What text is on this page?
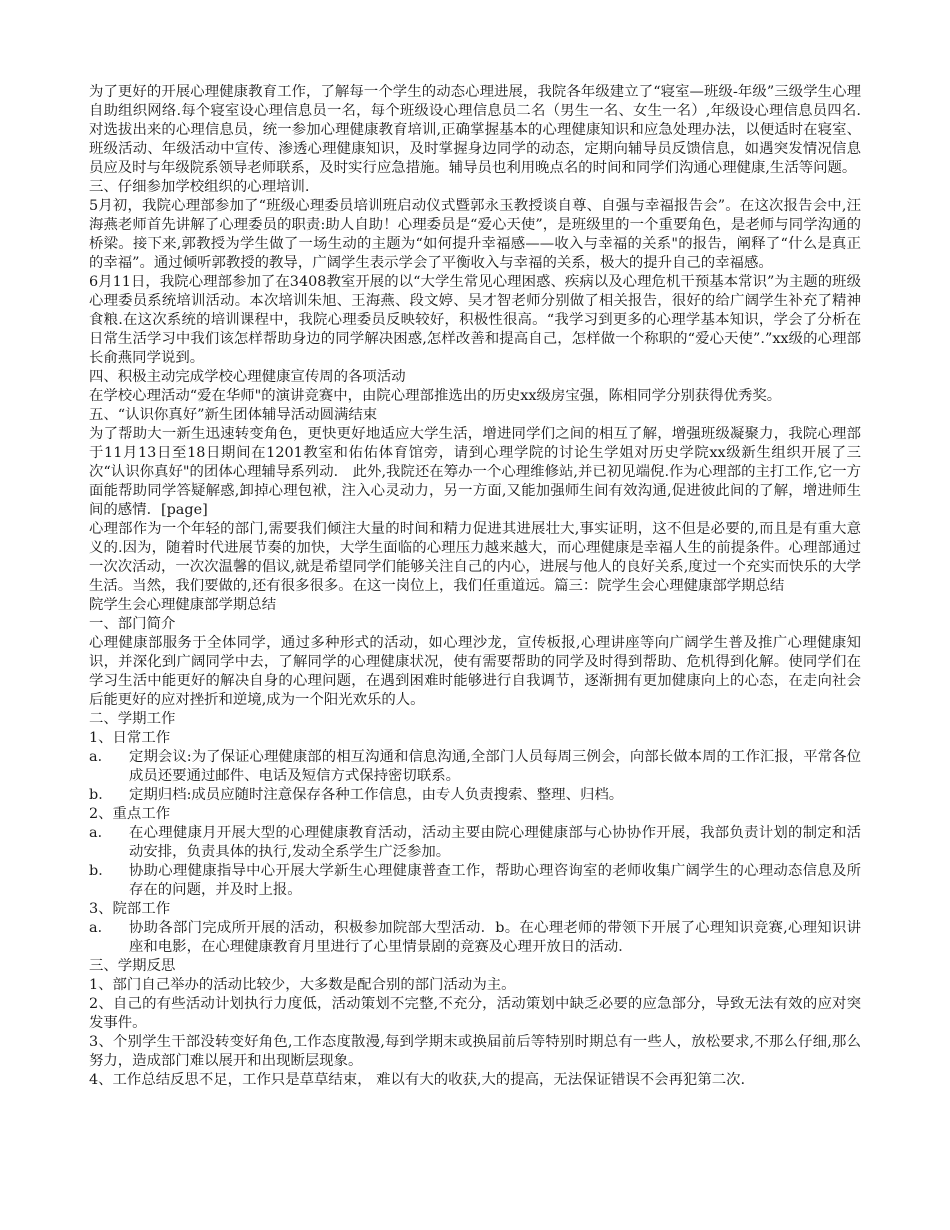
为了更好的开展心理健康教育工作，了解每一个学生的动态心理进展，我院各年级建立了“寝室—班级-年级”三级学生心理自助组织网络.每个寝室设心理信息员一名，每个班级设心理信息员二名（男生一名、女生一名）,年级设心理信息员四名.对选拔出来的心理信息员，统一参加心理健康教育培训,正确掌握基本的心理健康知识和应急处理办法，以便适时在寝室、班级活动、年级活动中宣传、渗透心理健康知识，及时掌握身边同学的动态，定期向辅导员反馈信息，如遇突发情况信息员应及时与年级院系领导老师联系，及时实行应急措施。辅导员也利用晚点名的时间和同学们沟通心理健康,生活等问题。

三、仔细参加学校组织的心理培训.

5月初，我院心理部参加了“班级心理委员培训班启动仪式暨郭永玉教授谈自尊、自强与幸福报告会”。在这次报告会中,汪海燕老师首先讲解了心理委员的职责:助人自助！心理委员是“爱心天使”，是班级里的一个重要角色，是老师与同学沟通的桥梁。接下来,郭教授为学生做了一场生动的主题为“如何提升幸福感——收入与幸福的关系"的报告，阐释了“什么是真正的幸福”。通过倾听郭教授的教导，广阔学生表示学会了平衡收入与幸福的关系，极大的提升自己的幸福感。

6月11日，我院心理部参加了在3408教室开展的以“大学生常见心理困惑、疾病以及心理危机干预基本常识”为主题的班级心理委员系统培训活动。本次培训朱旭、王海燕、段文婷、吴才智老师分别做了相关报告，很好的给广阔学生补充了精神食粮.在这次系统的培训课程中，我院心理委员反映较好，积极性很高。“我学习到更多的心理学基本知识，学会了分析在日常生活学习中我们该怎样帮助身边的同学解决困惑,怎样改善和提高自己，怎样做一个称职的“爱心天使”.”xx级的心理部长俞燕同学说到。

四、积极主动完成学校心理健康宣传周的各项活动

在学校心理活动“爱在华师"的演讲竞赛中，由院心理部推选出的历史xx级房宝强，陈相同学分别获得优秀奖。

五、“认识你真好”新生团体辅导活动圆满结束

为了帮助大一新生迅速转变角色，更快更好地适应大学生活，增进同学们之间的相互了解，增强班级凝聚力，我院心理部于11月13日至18日期间在1201教室和佑佑体育馆旁，请到心理学院的讨论生学姐对历史学院xx级新生组织开展了三次“认识你真好"的团体心理辅导系列动． 此外,我院还在筹办一个心理维修站,并已初见端倪.作为心理部的主打工作,它一方面能帮助同学答疑解惑,卸掉心理包袱，注入心灵动力，另一方面,又能加强师生间有效沟通,促进彼此间的了解，增进师生间的感情．[page]

心理部作为一个年轻的部门,需要我们倾注大量的时间和精力促进其进展壮大,事实证明，这不但是必要的,而且是有重大意义的.因为，随着时代进展节奏的加快，大学生面临的心理压力越来越大，而心理健康是幸福人生的前提条件。心理部通过一次次活动，一次次温馨的倡议,就是希望同学们能够关注自己的内心，进展与他人的良好关系,度过一个充实而快乐的大学生活。当然，我们要做的,还有很多很多。在这一岗位上，我们任重道远。篇三：院学生会心理健康部学期总结

院学生会心理健康部学期总结

一、部门简介

心理健康部服务于全体同学，通过多种形式的活动，如心理沙龙，宣传板报,心理讲座等向广阔学生普及推广心理健康知识，并深化到广阔同学中去，了解同学的心理健康状况，使有需要帮助的同学及时得到帮助、危机得到化解。使同学们在学习生活中能更好的解决自身的心理问题，在遇到困难时能够进行自我调节，逐渐拥有更加健康向上的心态，在走向社会后能更好的应对挫折和逆境,成为一个阳光欢乐的人。

二、学期工作

1、日常工作

a．	定期会议:为了保证心理健康部的相互沟通和信息沟通,全部门人员每周三例会，向部长做本周的工作汇报，平常各位成员还要通过邮件、电话及短信方式保持密切联系。
b．	定期归档:成员应随时注意保存各种工作信息，由专人负责搜索、整理、归档。

2、重点工作

a．	在心理健康月开展大型的心理健康教育活动，活动主要由院心理健康部与心协协作开展，我部负责计划的制定和活动安排，负责具体的执行,发动全系学生广泛参加。
b．	协助心理健康指导中心开展大学新生心理健康普查工作，帮助心理咨询室的老师收集广阔学生的心理动态信息及所存在的问题，并及时上报。

3、院部工作

a．	协助各部门完成所开展的活动，积极参加院部大型活动．b。在心理老师的带领下开展了心理知识竞赛,心理知识讲座和电影，在心理健康教育月里进行了心里情景剧的竞赛及心理开放日的活动．

三、学期反思

1、部门自己举办的活动比较少，大多数是配合别的部门活动为主。

2、自己的有些活动计划执行力度低，活动策划不完整,不充分，活动策划中缺乏必要的应急部分，导致无法有效的应对突发事件。

3、个别学生干部没转变好角色,工作态度散漫,每到学期末或换届前后等特别时期总有一些人，放松要求,不那么仔细,那么努力，造成部门难以展开和出现断层现象。

4、工作总结反思不足，工作只是草草结束， 难以有大的收获,大的提高，无法保证错误不会再犯第二次.
